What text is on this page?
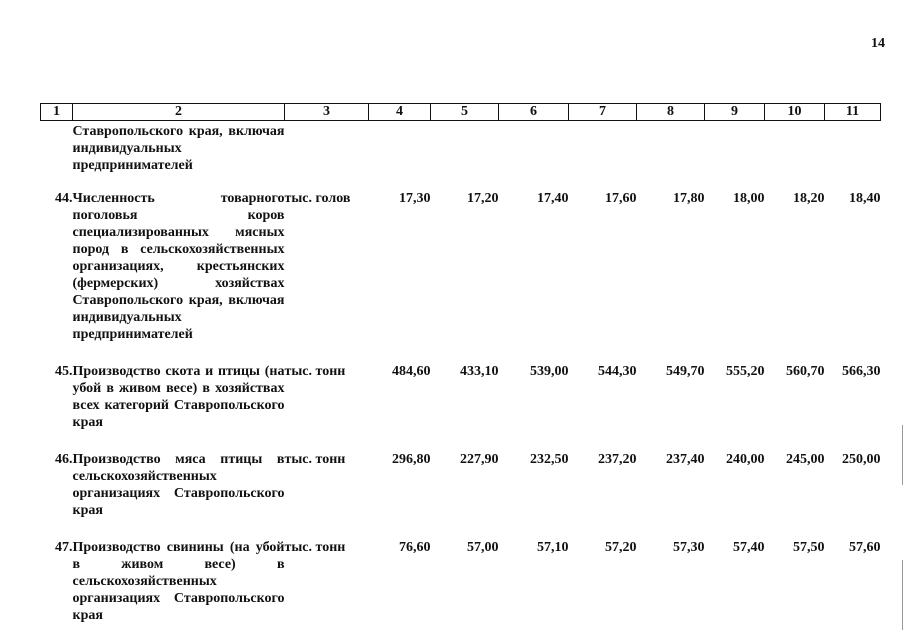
14
1	2	3	4	5	6	7	8	9	10	11
	Ставропольского края, включая индивидуальных предпринимателей									
44.	Численность товарного поголовья коров специализированных мясных пород в сельскохозяйственных организациях, крестьянских (фермерских) хозяйствах Ставропольского края, включая индивидуальных предпринимателей	тыс. голов	17,30	17,20	17,40	17,60	17,80	18,00	18,20	18,40
45.	Производство скота и птицы (на убой в живом весе) в хозяйствах всех категорий Ставропольского края	тыс. тонн	484,60	433,10	539,00	544,30	549,70	555,20	560,70	566,30
46.	Производство мяса птицы в сельскохозяйственных организациях Ставропольского края	тыс. тонн	296,80	227,90	232,50	237,20	237,40	240,00	245,00	250,00
47.	Производство свинины (на убой в живом весе) в сельскохозяйственных организациях Ставропольского края	тыс. тонн	76,60	57,00	57,10	57,20	57,30	57,40	57,50	57,60
